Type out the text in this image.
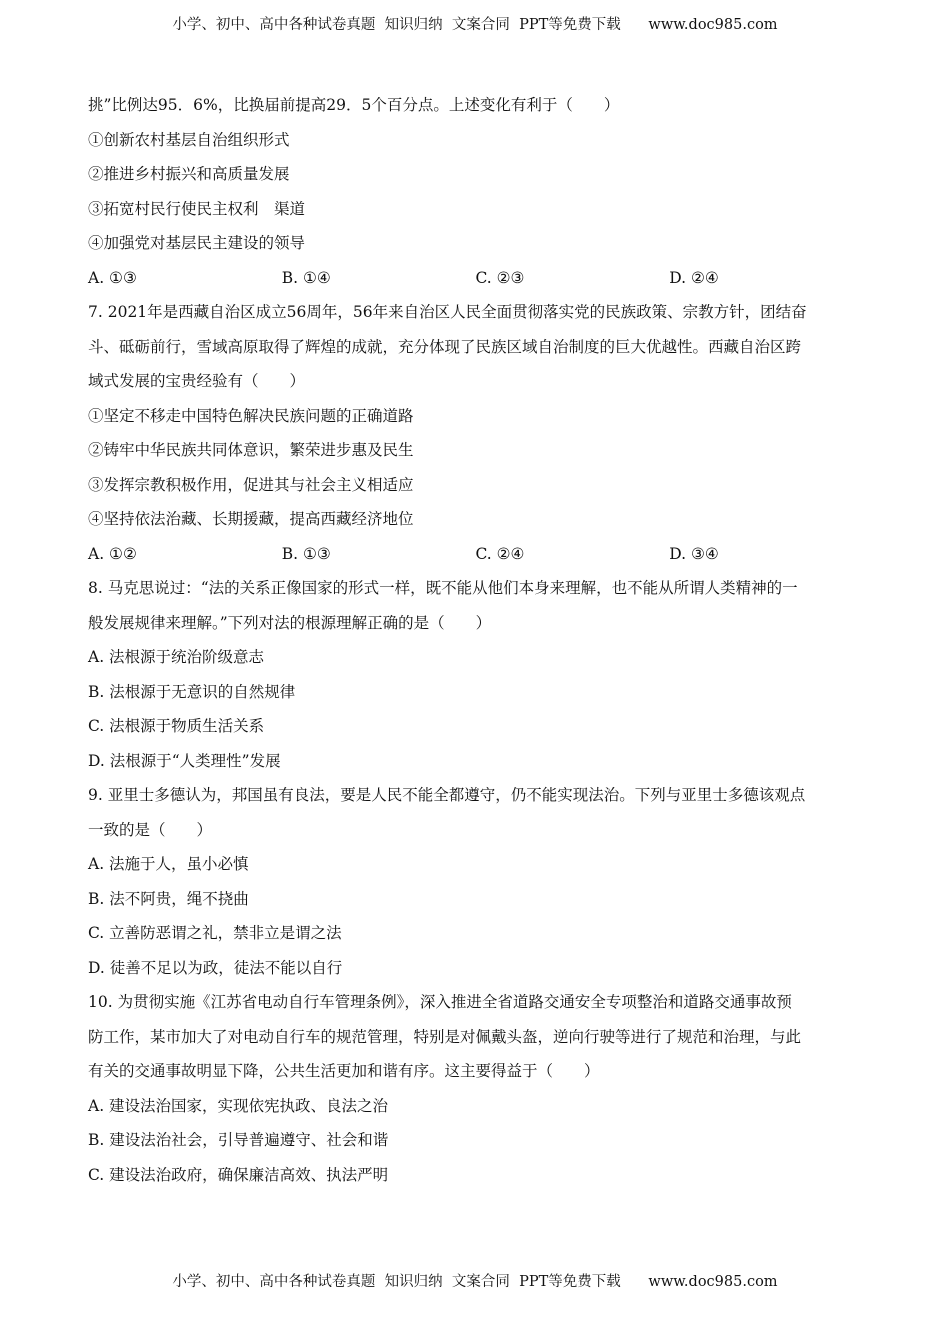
小学、初中、高中各种试卷真题  知识归纳  文案合同  PPT等免费下载      www.doc985.com
挑”比例达95．6%，比换届前提高29．5个百分点。上述变化有利于（　　）
①创新农村基层自治组织形式
②推进乡村振兴和高质量发展
③拓宽村民行使民主权利　渠道
④加强党对基层民主建设的领导
A. ①③	B. ①④	C. ②③	D. ②④
7. 2021年是西藏自治区成立56周年，56年来自治区人民全面贯彻落实党的民族政策、宗教方针，团结奋
斗、砥砺前行，雪域高原取得了辉煌的成就，充分体现了民族区域自治制度的巨大优越性。西藏自治区跨
域式发展的宝贵经验有（　　）
①坚定不移走中国特色解决民族问题的正确道路
②铸牢中华民族共同体意识，繁荣进步惠及民生
③发挥宗教积极作用，促进其与社会主义相适应
④坚持依法治藏、长期援藏，提高西藏经济地位
A. ①②	B. ①③	C. ②④	D. ③④
8. 马克思说过：“法的关系正像国家的形式一样，既不能从他们本身来理解，也不能从所谓人类精神的一
般发展规律来理解。”下列对法的根源理解正确的是（　　）
A. 法根源于统治阶级意志
B. 法根源于无意识的自然规律
C. 法根源于物质生活关系
D. 法根源于“人类理性”发展
9. 亚里士多德认为，邦国虽有良法，要是人民不能全都遵守，仍不能实现法治。下列与亚里士多德该观点
一致的是（　　）
A. 法施于人，虽小必慎
B. 法不阿贵，绳不挠曲
C. 立善防恶谓之礼，禁非立是谓之法
D. 徒善不足以为政，徒法不能以自行
10. 为贯彻实施《江苏省电动自行车管理条例》，深入推进全省道路交通安全专项整治和道路交通事故预
防工作，某市加大了对电动自行车的规范管理，特别是对佩戴头盔，逆向行驶等进行了规范和治理，与此
有关的交通事故明显下降，公共生活更加和谐有序。这主要得益于（　　）
A. 建设法治国家，实现依宪执政、良法之治
B. 建设法治社会，引导普遍遵守、社会和谐
C. 建设法治政府，确保廉洁高效、执法严明
小学、初中、高中各种试卷真题  知识归纳  文案合同  PPT等免费下载      www.doc985.com
